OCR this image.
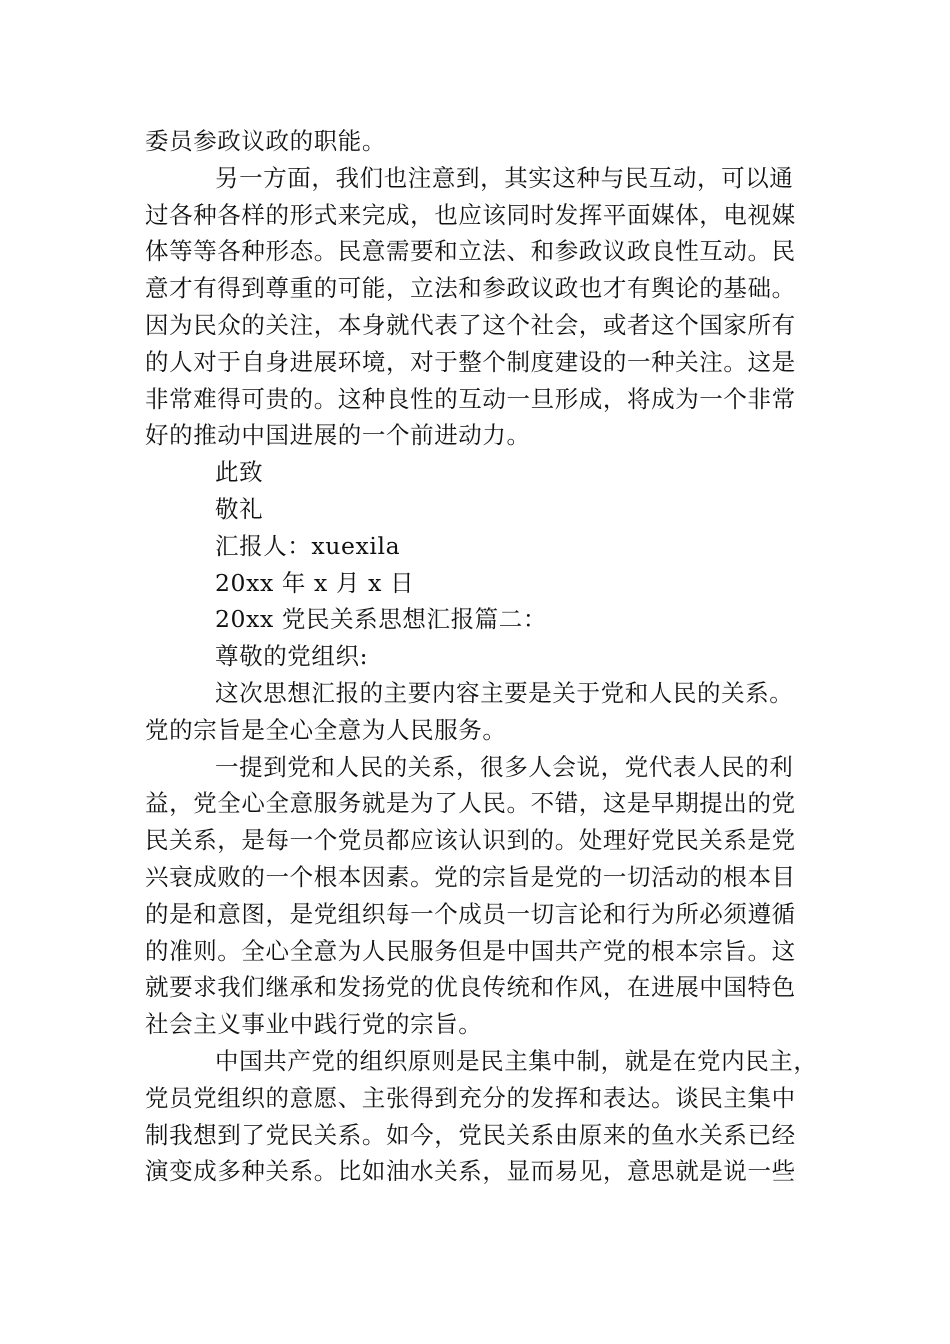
委员参政议政的职能。
另一方面，我们也注意到，其实这种与民互动，可以通
过各种各样的形式来完成，也应该同时发挥平面媒体，电视媒
体等等各种形态。民意需要和立法、和参政议政良性互动。民
意才有得到尊重的可能，立法和参政议政也才有舆论的基础。
因为民众的关注，本身就代表了这个社会，或者这个国家所有
的人对于自身进展环境，对于整个制度建设的一种关注。这是
非常难得可贵的。这种良性的互动一旦形成，将成为一个非常
好的推动中国进展的一个前进动力。
此致
敬礼
汇报人：xuexila
20xx 年 x 月 x 日
20xx 党民关系思想汇报篇二：
尊敬的党组织:
这次思想汇报的主要内容主要是关于党和人民的关系。
党的宗旨是全心全意为人民服务。
一提到党和人民的关系，很多人会说，党代表人民的利
益，党全心全意服务就是为了人民。不错，这是早期提出的党
民关系，是每一个党员都应该认识到的。处理好党民关系是党
兴衰成败的一个根本因素。党的宗旨是党的一切活动的根本目
的是和意图，是党组织每一个成员一切言论和行为所必须遵循
的准则。全心全意为人民服务但是中国共产党的根本宗旨。这
就要求我们继承和发扬党的优良传统和作风，在进展中国特色
社会主义事业中践行党的宗旨。
中国共产党的组织原则是民主集中制，就是在党内民主，
党员党组织的意愿、主张得到充分的发挥和表达。谈民主集中
制我想到了党民关系。如今，党民关系由原来的鱼水关系已经
演变成多种关系。比如油水关系，显而易见，意思就是说一些
